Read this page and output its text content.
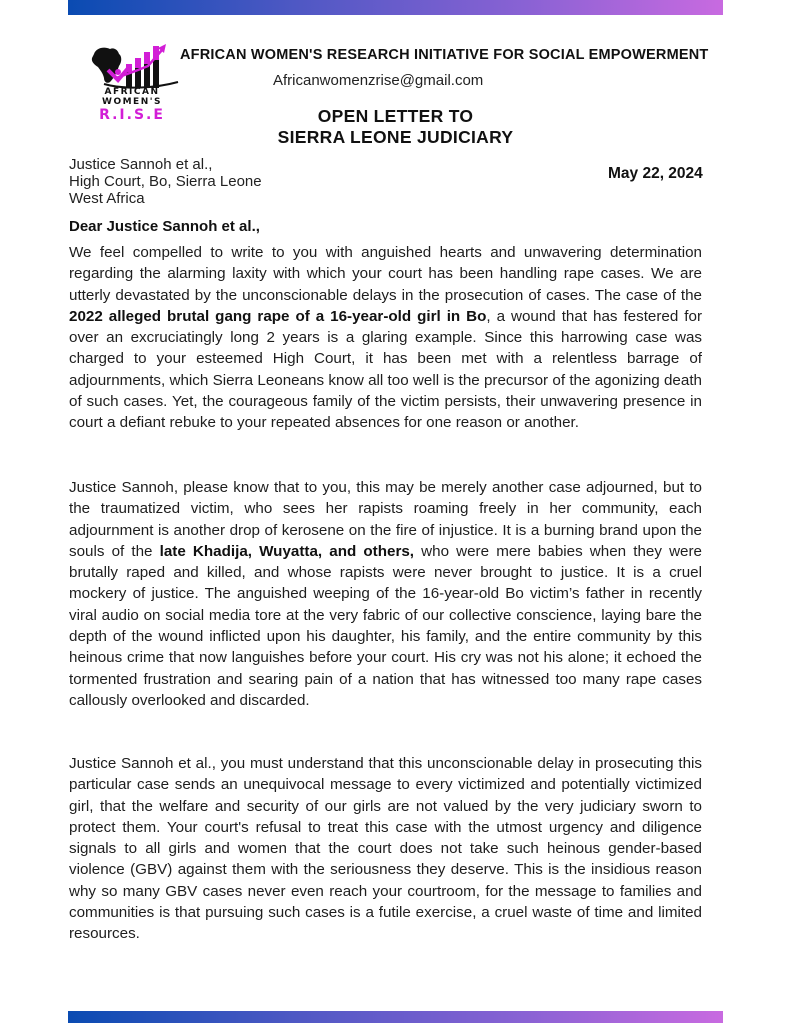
AFRICAN
WOMEN'S
R.I.S.E
AFRICAN WOMEN'S RESEARCH INITIATIVE FOR SOCIAL EMPOWERMENT
Africanwomenzrise@gmail.com
OPEN LETTER TO
SIERRA LEONE JUDICIARY
Justice Sannoh et al.,
High Court, Bo, Sierra Leone
West Africa
May 22, 2024
Dear Justice Sannoh et al.,

We feel compelled to write to you with anguished hearts and unwavering determination regarding the alarming laxity with which your court has been handling rape cases. We are utterly devastated by the unconscionable delays in the prosecution of cases. The case of the 2022 alleged brutal gang rape of a 16-year-old girl in Bo, a wound that has festered for over an excruciatingly long 2 years is a glaring example. Since this harrowing case was charged to your esteemed High Court, it has been met with a relentless barrage of adjournments, which Sierra Leoneans know all too well is the precursor of the agonizing death of such cases. Yet, the courageous family of the victim persists, their unwavering presence in court a defiant rebuke to your repeated absences for one reason or another.

Justice Sannoh, please know that to you, this may be merely another case adjourned, but to the traumatized victim, who sees her rapists roaming freely in her community, each adjournment is another drop of kerosene on the fire of injustice. It is a burning brand upon the souls of the late Khadija, Wuyatta, and others, who were mere babies when they were brutally raped and killed, and whose rapists were never brought to justice. It is a cruel mockery of justice. The anguished weeping of the 16-year-old Bo victim’s father in recently viral audio on social media tore at the very fabric of our collective conscience, laying bare the depth of the wound inflicted upon his daughter, his family, and the entire community by this heinous crime that now languishes before your court. His cry was not his alone; it echoed the tormented frustration and searing pain of a nation that has witnessed too many rape cases callously overlooked and discarded.

Justice Sannoh et al., you must understand that this unconscionable delay in prosecuting this particular case sends an unequivocal message to every victimized and potentially victimized girl, that the welfare and security of our girls are not valued by the very judiciary sworn to protect them. Your court's refusal to treat this case with the utmost urgency and diligence signals to all girls and women that the court does not take such heinous gender-based violence (GBV) against them with the seriousness they deserve. This is the insidious reason why so many GBV cases never even reach your courtroom, for the message to families and communities is that pursuing such cases is a futile exercise, a cruel waste of time and limited resources.
